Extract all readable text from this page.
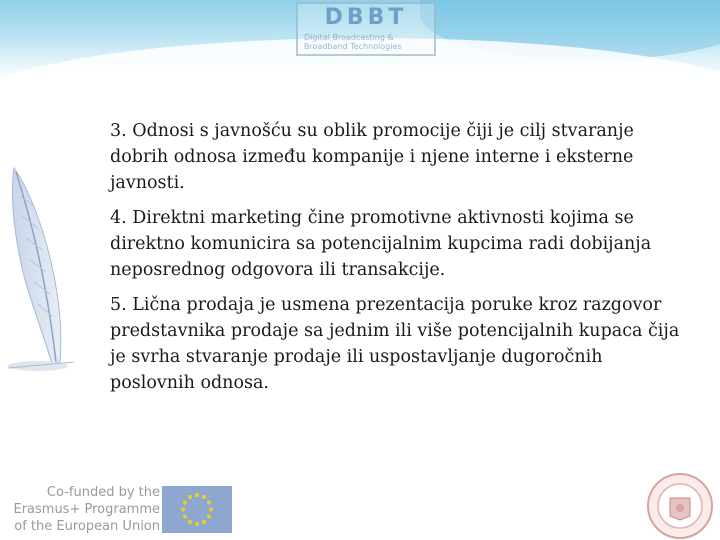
DBBT
Digital Broadcasting &
Broadband Technologies

3. Odnosi s javnošću su oblik promocije čiji je cilj stvaranje dobrih odnosa između kompanije i njene interne i eksterne javnosti.

4. Direktni marketing čine promotivne aktivnosti kojima se direktno komunicira sa potencijalnim kupcima radi dobijanja neposrednog odgovora ili transakcije.

5. Lična prodaja je usmena prezentacija poruke kroz razgovor predstavnika prodaje sa jednim ili više potencijalnih kupaca čija je svrha stvaranje prodaje ili uspostavljanje dugoročnih poslovnih odnosa.

Co-funded by the
Erasmus+ Programme
of the European Union
